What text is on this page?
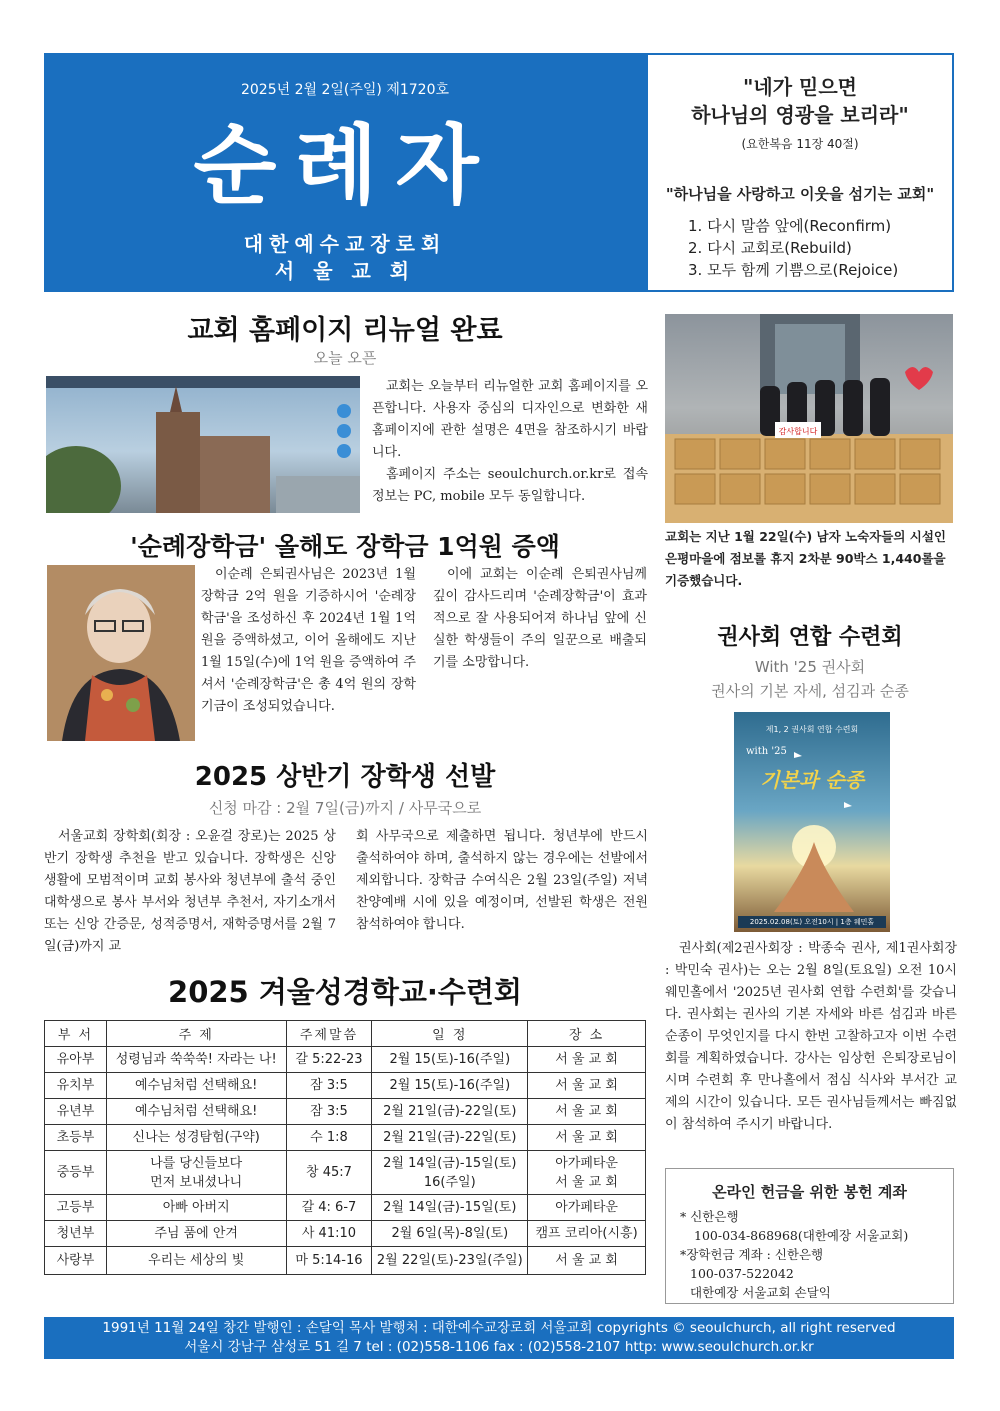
2025년 2월 2일(주일) 제1720호
순례자
대한예수교장로회
서 울 교 회
"네가 믿으면
하나님의 영광을 보리라"
(요한복음 11장 40절)
"하나님을 사랑하고 이웃을 섬기는 교회"
1. 다시 말씀 앞에(Reconfirm)
2. 다시 교회로(Rebuild)
3. 모두 함께 기쁨으로(Rejoice)
교회 홈페이지 리뉴얼 완료
오늘 오픈

교회는 오늘부터 리뉴얼한 교회 홈페이지를 오픈합니다. 사용자 중심의 디자인으로 변화한 새 홈페이지에 관한 설명은 4면을 참조하시기 바랍니다.

홈페이지 주소는 seoulchurch.or.kr로 접속 정보는 PC, mobile 모두 동일합니다.

감사합니다
교회는 지난 1월 22일(수) 남자 노숙자들의 시설인 은평마을에 점보롤 휴지 2차분 90박스 1,440롤을 기증했습니다.
'순례장학금' 올해도 장학금 1억원 증액
이순례 은퇴권사님은 2023년 1월 장학금 2억 원을 기증하시어 '순례장학금'을 조성하신 후 2024년 1월 1억 원을 증액하셨고, 이어 올해에도 지난 1월 15일(수)에 1억 원을 증액하여 주셔서 '순례장학금'은 총 4억 원의 장학 기금이 조성되었습니다.
이에 교회는 이순례 은퇴권사님께 깊이 감사드리며 '순례장학금'이 효과적으로 잘 사용되어져 하나님 앞에 신실한 학생들이 주의 일꾼으로 배출되기를 소망합니다.
2025 상반기 장학생 선발
신청 마감 : 2월 7일(금)까지 / 사무국으로
서울교회 장학회(회장 : 오윤걸 장로)는 2025 상반기 장학생 추천을 받고 있습니다. 장학생은 신앙생활에 모범적이며 교회 봉사와 청년부에 출석 중인 대학생으로 봉사 부서와 청년부 추천서, 자기소개서 또는 신앙 간증문, 성적증명서, 재학증명서를 2월 7일(금)까지 교
회 사무국으로 제출하면 됩니다. 청년부에 반드시 출석하여야 하며, 출석하지 않는 경우에는 선발에서 제외합니다. 장학금 수여식은 2월 23일(주일) 저녁 찬양예배 시에 있을 예정이며, 선발된 학생은 전원 참석하여야 합니다.
권사회 연합 수련회
With '25 권사회
권사의 기본 자세, 섬김과 순종
제1, 2 권사회 연합 수련회
with '25
기본과 순종
2025.02.08(토) 오전10시 | 1층 웨민홀
권사회(제2권사회장 : 박종숙 권사, 제1권사회장 : 박민숙 권사)는 오는 2월 8일(토요일) 오전 10시 웨민홀에서 '2025년 권사회 연합 수련회'를 갖습니다. 권사회는 권사의 기본 자세와 바른 섬김과 바른 순종이 무엇인지를 다시 한번 고찰하고자 이번 수련회를 계획하였습니다. 강사는 임상헌 은퇴장로님이시며 수련회 후 만나홀에서 점심 식사와 부서간 교제의 시간이 있습니다. 모든 권사님들께서는 빠짐없이 참석하여 주시기 바랍니다.
2025 겨울성경학교·수련회
부 서	주 제	주제말씀	일 정	장 소
유아부	성령님과 쑥쑥쑥! 자라는 나!	갈 5:22-23	2월 15(토)-16(주일)	서 울 교 회
유치부	예수님처럼 선택해요!	잠 3:5	2월 15(토)-16(주일)	서 울 교 회
유년부	예수님처럼 선택해요!	잠 3:5	2월 21일(금)-22일(토)	서 울 교 회
초등부	신나는 성경탐험(구약)	수 1:8	2월 21일(금)-22일(토)	서 울 교 회
중등부	나를 당신들보다
먼저 보내셨나니	창 45:7	2월 14일(금)-15일(토)
16(주일)	아가페타운
서 울 교 회
고등부	아빠 아버지	갈 4: 6-7	2월 14일(금)-15일(토)	아가페타운
청년부	주님 품에 안겨	사 41:10	2월 6일(목)-8일(토)	캠프 코리아(시흥)
사랑부	우리는 세상의 빛	마 5:14-16	2월 22일(토)-23일(주일)	서 울 교 회
온라인 헌금을 위한 봉헌 계좌
* 신한은행
100-034-868968(대한예장 서울교회)
*장학헌금 계좌 : 신한은행
100-037-522042
대한예장 서울교회 손달익
1991년 11월 24일 창간 발행인 : 손달익 목사 발행처 : 대한예수교장로회 서울교회 copyrights © seoulchurch, all right reserved
서울시 강남구 삼성로 51 길 7 tel : (02)558-1106 fax : (02)558-2107 http: www.seoulchurch.or.kr
